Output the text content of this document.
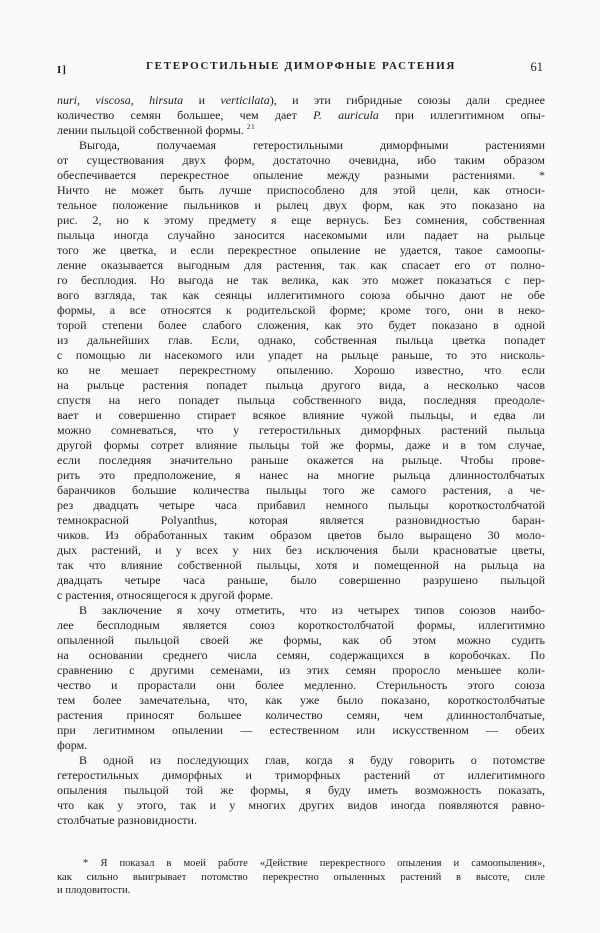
I]	ГЕТЕРОСТИЛЬНЫЕ ДИМОРФНЫЕ РАСТЕНИЯ	61
nuri, viscosa, hirsuta и verticilata), и эти гибридные союзы дали среднее
количество семян большее, чем дает P. auricula при иллегитимном опы-
лении пыльцой собственной формы. $^{21}$
Выгода, получаемая гетеростильными диморфными растениями
от существования двух форм, достаточно очевидна, ибо таким образом
обеспечивается перекрестное опыление между разными растениями. *
Ничто не может быть лучше приспособлено для этой цели, как относи-
тельное положение пыльников и рылец двух форм, как это показано на
рис. 2, но к этому предмету я еще вернусь. Без сомнения, собственная
пыльца иногда случайно заносится насекомыми или падает на рыльце
того же цветка, и если перекрестное опыление не удается, такое самоопы-
ление оказывается выгодным для растения, так как спасает его от полно-
го бесплодия. Но выгода не так велика, как это может показаться с пер-
вого взгляда, так как сеянцы иллегитимного союза обычно дают не обе
формы, а все относятся к родительской форме; кроме того, они в неко-
торой степени более слабого сложения, как это будет показано в одной
из дальнейших глав. Если, однако, собственная пыльца цветка попадет
с помощью ли насекомого или упадет на рыльце раньше, то это нисколь-
ко не мешает перекрестному опылению. Хорошо известно, что если
на рыльце растения попадет пыльца другого вида, а несколько часов
спустя на него попадет пыльца собственного вида, последняя преодоле-
вает и совершенно стирает всякое влияние чужой пыльцы, и едва ли
можно сомневаться, что у гетеростильных диморфных растений пыльца
другой формы сотрет влияние пыльцы той же формы, даже и в том случае,
если последняя значительно раньше окажется на рыльце. Чтобы прове-
рить это предположение, я нанес на многие рыльца длинностолбчатых
баранчиков большие количества пыльцы того же самого растения, а че-
рез двадцать четыре часа прибавил немного пыльцы короткостолбчатой
темнокрасной Polyanthus, которая является разновидностью баран-
чиков. Из обработанных таким образом цветов было выращено 30 моло-
дых растений, и у всех у них без исключения были красноватые цветы,
так что влияние собственной пыльцы, хотя и помещенной на рыльца на
двадцать четыре часа раньше, было совершенно разрушено пыльцой
с растения, относящегося к другой форме.
В заключение я хочу отметить, что из четырех типов союзов наибо-
лее бесплодным является союз короткостолбчатой формы, иллегитимно
опыленной пыльцой своей же формы, как об этом можно судить
на основании среднего числа семян, содержащихся в коробочках. По
сравнению с другими семенами, из этих семян проросло меньшее коли-
чество и прорастали они более медленно. Стерильность этого союза
тем более замечательна, что, как уже было показано, короткостолбчатые
растения приносят большее количество семян, чем длинностолбчатые,
при легитимном опылении — естественном или искусственном — обеих
форм.
В одной из последующих глав, когда я буду говорить о потомстве
гетеростильных диморфных и триморфных растений от иллегитимного
опыления пыльцой той же формы, я буду иметь возможность показать,
что как у этого, так и у многих других видов иногда появляются равно-
столбчатые разновидности.
* Я показал в моей работе «Действие перекрестного опыления и самоопыления»,
как сильно выигрывает потомство перекрестно опыленных растений в высоте, силе
и плодовитости.
